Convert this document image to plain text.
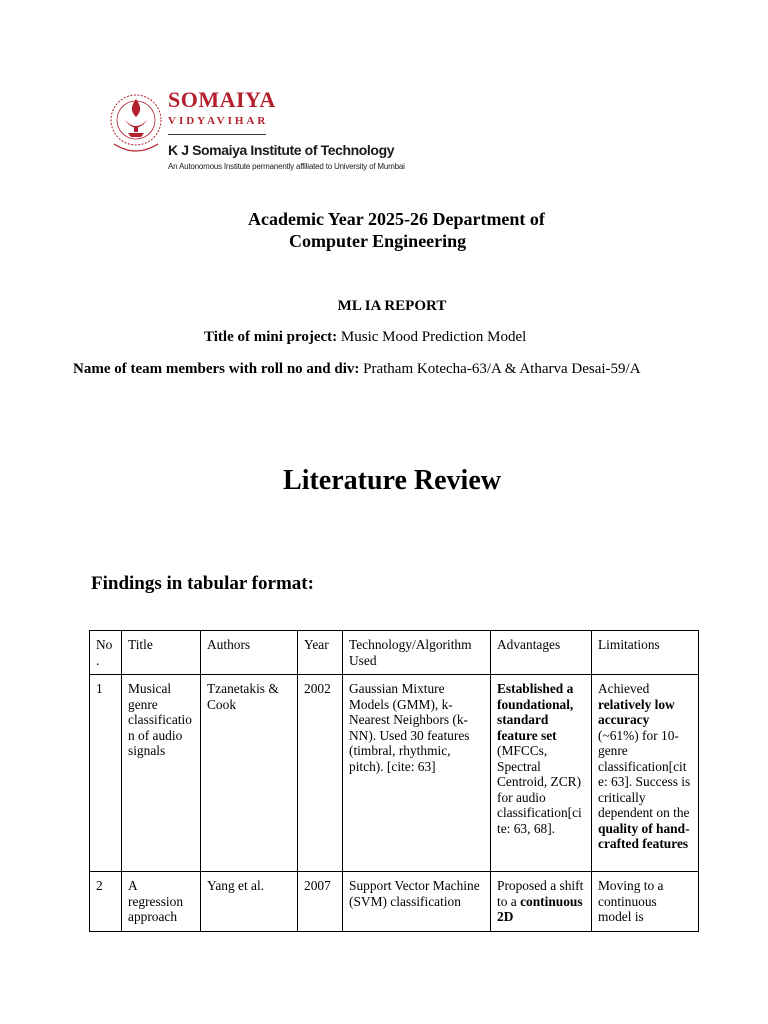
SOMAIYA
VIDYAVIHAR
K J Somaiya Institute of Technology
An Autonomous Institute permanently affiliated to University of Mumbai
Academic Year 2025-26 Department of
Computer Engineering
ML IA REPORT
Title of mini project: Music Mood Prediction Model
Name of team members with roll no and div: Pratham Kotecha-63/A & Atharva Desai-59/A
Literature Review
Findings in tabular format:
No.	Title	Authors	Year	Technology/Algorithm Used	Advantages	Limitations
1	Musical genre classification of audio signals	Tzanetakis & Cook	2002	Gaussian Mixture Models (GMM), k-Nearest Neighbors (k-NN). Used 30 features (timbral, rhythmic, pitch). [cite: 63]	Established a foundational, standard feature set (MFCCs, Spectral Centroid, ZCR) for audio classification[cite: 63, 68].	Achieved relatively low accuracy (~61%) for 10-genre classification[cite: 63]. Success is critically dependent on the quality of hand-crafted features
2	A regression approach	Yang et al.	2007	Support Vector Machine (SVM) classification	Proposed a shift to a continuous 2D	Moving to a continuous model is
